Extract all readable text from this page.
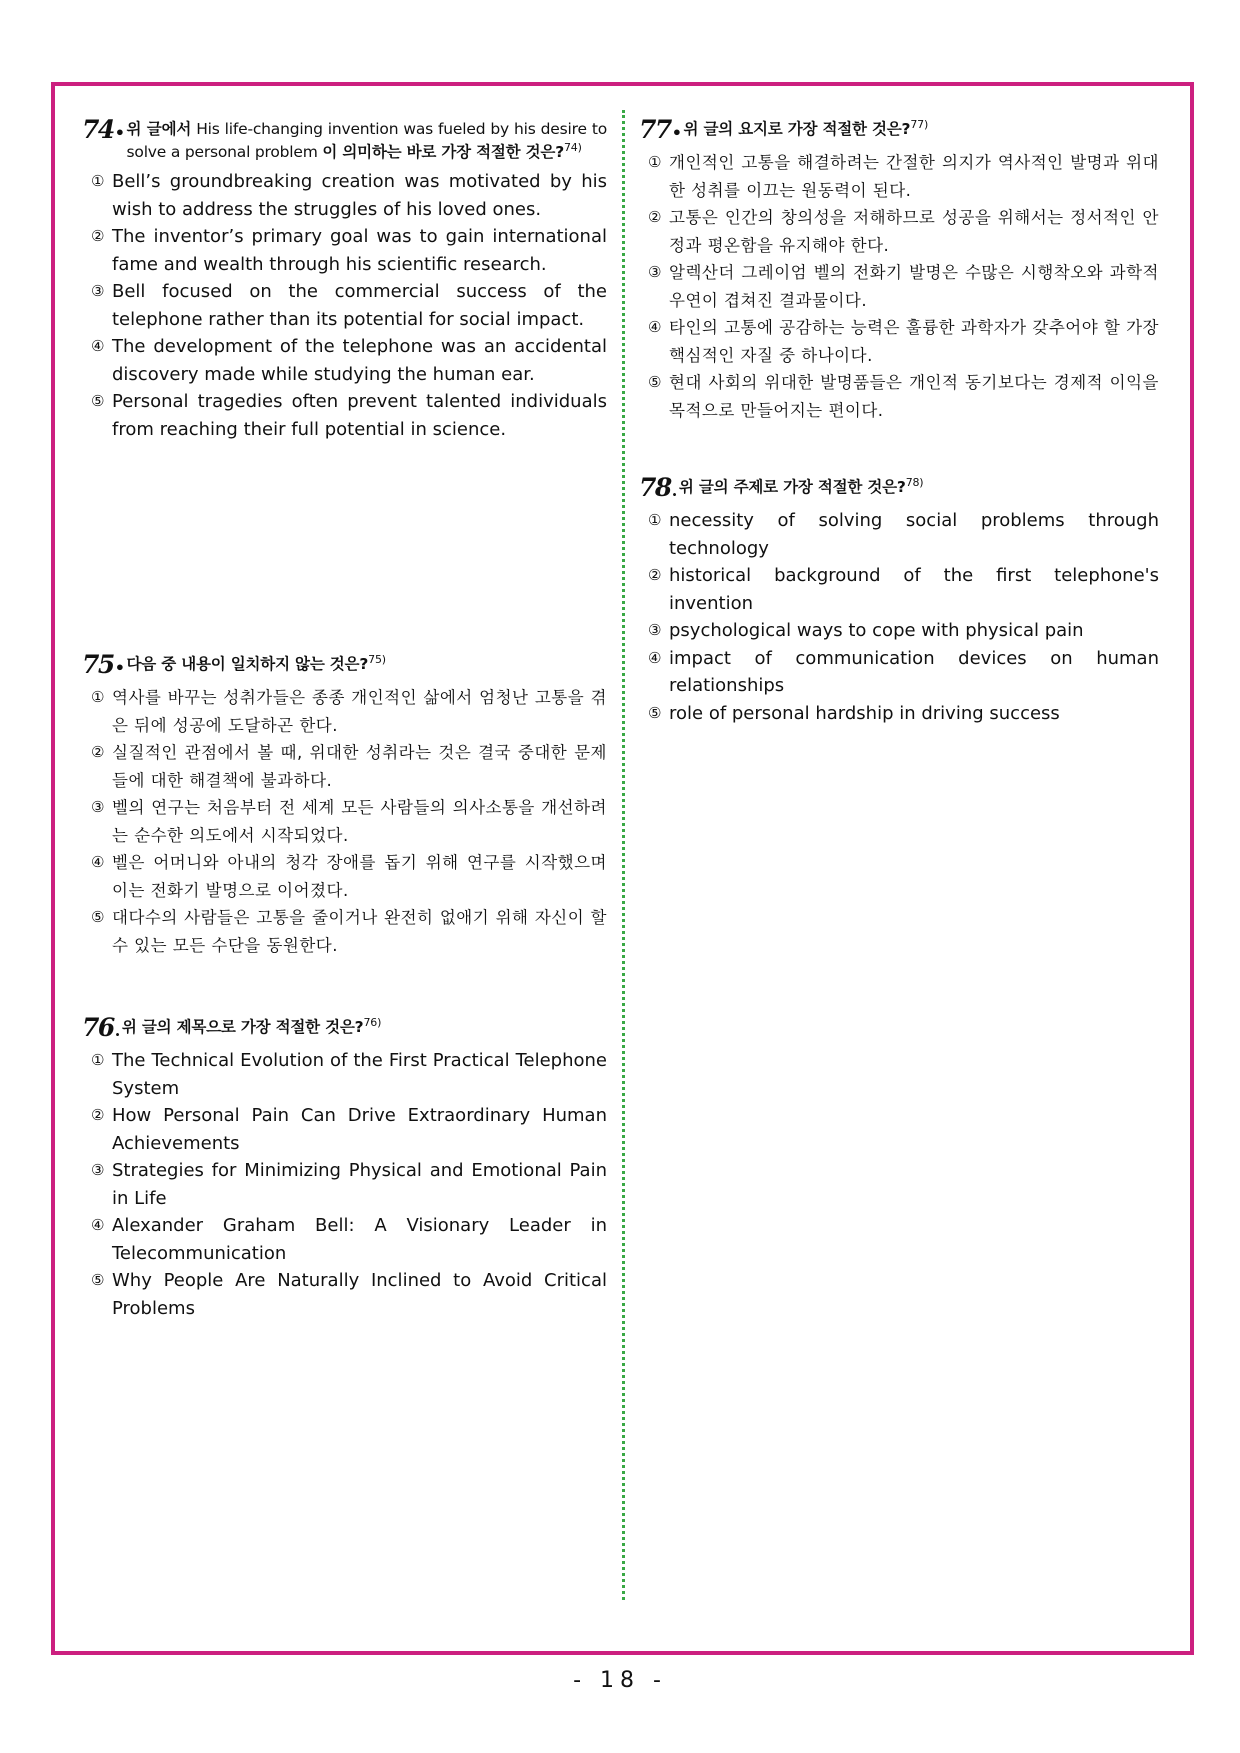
74• 위 글에서 His life-changing invention was fueled by his desire to solve a personal problem 이 의미하는 바로 가장 적절한 것은?$^{74)}$
① Bell’s groundbreaking creation was motivated by his wish to address the struggles of his loved ones.
② The inventor’s primary goal was to gain international fame and wealth through his scientific research.
③ Bell focused on the commercial success of the telephone rather than its potential for social impact.
④ The development of the telephone was an accidental discovery made while studying the human ear.
⑤ Personal tragedies often prevent talented individuals from reaching their full potential in science.
75• 다음 중 내용이 일치하지 않는 것은?$^{75)}$
① 역사를 바꾸는 성취가들은 종종 개인적인 삶에서 엄청난 고통을 겪은 뒤에 성공에 도달하곤 한다.
② 실질적인 관점에서 볼 때, 위대한 성취라는 것은 결국 중대한 문제들에 대한 해결책에 불과하다.
③ 벨의 연구는 처음부터 전 세계 모든 사람들의 의사소통을 개선하려는 순수한 의도에서 시작되었다.
④ 벨은 어머니와 아내의 청각 장애를 돕기 위해 연구를 시작했으며 이는 전화기 발명으로 이어졌다.
⑤ 대다수의 사람들은 고통을 줄이거나 완전히 없애기 위해 자신이 할 수 있는 모든 수단을 동원한다.
76. 위 글의 제목으로 가장 적절한 것은?$^{76)}$
① The Technical Evolution of the First Practical Telephone System
② How Personal Pain Can Drive Extraordinary Human Achievements
③ Strategies for Minimizing Physical and Emotional Pain in Life
④ Alexander Graham Bell: A Visionary Leader in Telecommunication
⑤ Why People Are Naturally Inclined to Avoid Critical Problems
77• 위 글의 요지로 가장 적절한 것은?$^{77)}$
① 개인적인 고통을 해결하려는 간절한 의지가 역사적인 발명과 위대한 성취를 이끄는 원동력이 된다.
② 고통은 인간의 창의성을 저해하므로 성공을 위해서는 정서적인 안정과 평온함을 유지해야 한다.
③ 알렉산더 그레이엄 벨의 전화기 발명은 수많은 시행착오와 과학적 우연이 겹쳐진 결과물이다.
④ 타인의 고통에 공감하는 능력은 훌륭한 과학자가 갖추어야 할 가장 핵심적인 자질 중 하나이다.
⑤ 현대 사회의 위대한 발명품들은 개인적 동기보다는 경제적 이익을 목적으로 만들어지는 편이다.
78. 위 글의 주제로 가장 적절한 것은?$^{78)}$
① necessity of solving social problems through technology
② historical background of the first telephone's invention
③ psychological ways to cope with physical pain
④ impact of communication devices on human relationships
⑤ role of personal hardship in driving success
- 18 -
